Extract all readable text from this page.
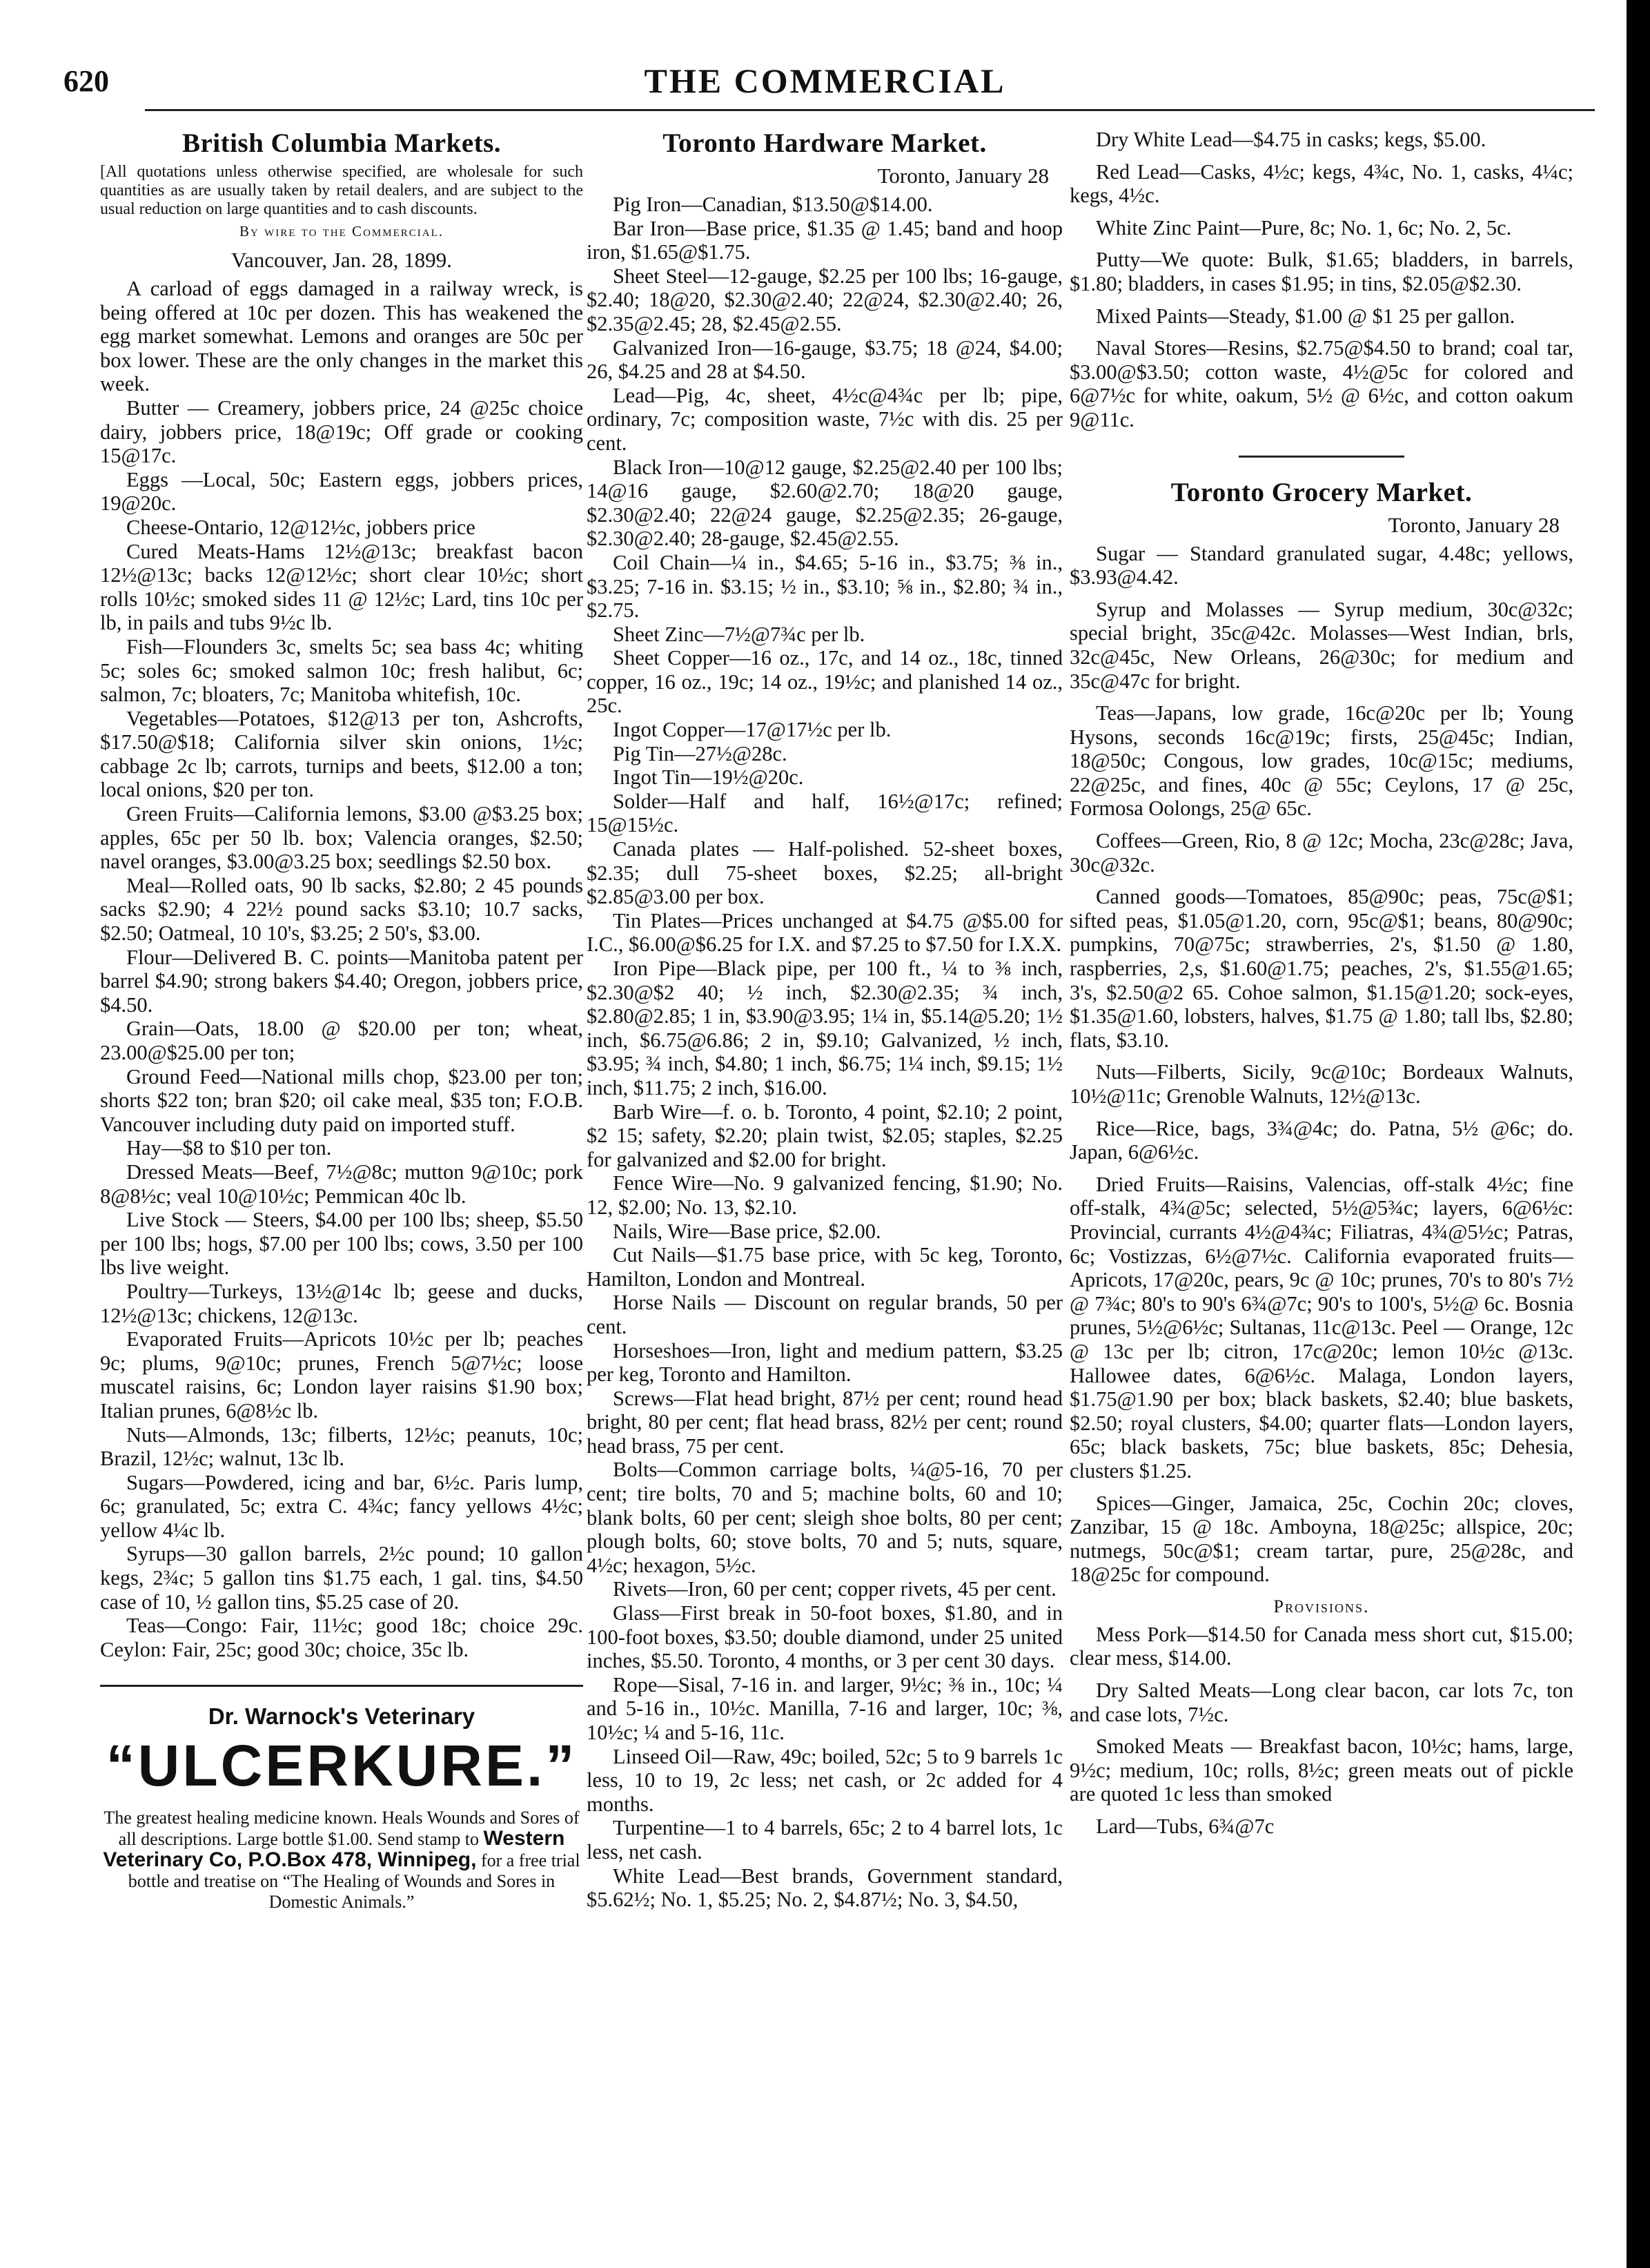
620	THE COMMERCIAL
British Columbia Markets.

[All quotations unless otherwise specified, are wholesale for such quantities as are usually taken by retail dealers, and are subject to the usual reduction on large quantities and to cash discounts.

By wire to the Commercial.

Vancouver, Jan. 28, 1899.

A carload of eggs damaged in a railway wreck, is being offered at 10c per dozen. This has weakened the egg market somewhat. Lemons and oranges are 50c per box lower. These are the only changes in the market this week.

Butter — Creamery, jobbers price, 24 @25c choice dairy, jobbers price, 18@19c; Off grade or cooking 15@17c.

Eggs —Local, 50c; Eastern eggs, jobbers prices, 19@20c.

Cheese-Ontario, 12@12½c, jobbers price

Cured Meats-Hams 12½@13c; breakfast bacon 12½@13c; backs 12@12½c; short clear 10½c; short rolls 10½c; smoked sides 11 @ 12½c; Lard, tins 10c per lb, in pails and tubs 9½c lb.

Fish—Flounders 3c, smelts 5c; sea bass 4c; whiting 5c; soles 6c; smoked salmon 10c; fresh halibut, 6c; salmon, 7c; bloaters, 7c; Manitoba whitefish, 10c.

Vegetables—Potatoes, $12@13 per ton, Ashcrofts, $17.50@$18; California silver skin onions, 1½c; cabbage 2c lb; carrots, turnips and beets, $12.00 a ton; local onions, $20 per ton.

Green Fruits—California lemons, $3.00 @$3.25 box; apples, 65c per 50 lb. box; Valencia oranges, $2.50; navel oranges, $3.00@3.25 box; seedlings $2.50 box.

Meal—Rolled oats, 90 lb sacks, $2.80; 2 45 pounds sacks $2.90; 4 22½ pound sacks $3.10; 10.7 sacks, $2.50; Oatmeal, 10 10's, $3.25; 2 50's, $3.00.

Flour—Delivered B. C. points—Manitoba patent per barrel $4.90; strong bakers $4.40; Oregon, jobbers price, $4.50.

Grain—Oats, 18.00 @ $20.00 per ton; wheat, 23.00@$25.00 per ton;

Ground Feed—National mills chop, $23.00 per ton; shorts $22 ton; bran $20; oil cake meal, $35 ton; F.O.B. Vancouver including duty paid on imported stuff.

Hay—$8 to $10 per ton.

Dressed Meats—Beef, 7½@8c; mutton 9@10c; pork 8@8½c; veal 10@10½c; Pemmican 40c lb.

Live Stock — Steers, $4.00 per 100 lbs; sheep, $5.50 per 100 lbs; hogs, $7.00 per 100 lbs; cows, 3.50 per 100 lbs live weight.

Poultry—Turkeys, 13½@14c lb; geese and ducks, 12½@13c; chickens, 12@13c.

Evaporated Fruits—Apricots 10½c per lb; peaches 9c; plums, 9@10c; prunes, French 5@7½c; loose muscatel raisins, 6c; London layer raisins $1.90 box; Italian prunes, 6@8½c lb.

Nuts—Almonds, 13c; filberts, 12½c; peanuts, 10c; Brazil, 12½c; walnut, 13c lb.

Sugars—Powdered, icing and bar, 6½c. Paris lump, 6c; granulated, 5c; extra C. 4¾c; fancy yellows 4½c; yellow 4¼c lb.

Syrups—30 gallon barrels, 2½c pound; 10 gallon kegs, 2¾c; 5 gallon tins $1.75 each, 1 gal. tins, $4.50 case of 10, ½ gallon tins, $5.25 case of 20.

Teas—Congo: Fair, 11½c; good 18c; choice 29c. Ceylon: Fair, 25c; good 30c; choice, 35c lb.

Dr. Warnock's Veterinary

“ULCERKURE.”

The greatest healing medicine known. Heals Wounds and Sores of all descriptions. Large bottle $1.00. Send stamp to Western Veterinary Co, P.O.Box 478, Winnipeg, for a free trial bottle and treatise on “The Healing of Wounds and Sores in Domestic Animals.”

Toronto Hardware Market.

Toronto, January 28

Pig Iron—Canadian, $13.50@$14.00.

Bar Iron—Base price, $1.35 @ 1.45; band and hoop iron, $1.65@$1.75.

Sheet Steel—12-gauge, $2.25 per 100 lbs; 16-gauge, $2.40; 18@20, $2.30@2.40; 22@24, $2.30@2.40; 26, $2.35@2.45; 28, $2.45@2.55.

Galvanized Iron—16-gauge, $3.75; 18 @24, $4.00; 26, $4.25 and 28 at $4.50.

Lead—Pig, 4c, sheet, 4½c@4¾c per lb; pipe, ordinary, 7c; composition waste, 7½c with dis. 25 per cent.

Black Iron—10@12 gauge, $2.25@2.40 per 100 lbs; 14@16 gauge, $2.60@2.70; 18@20 gauge, $2.30@2.40; 22@24 gauge, $2.25@2.35; 26-gauge, $2.30@2.40; 28-gauge, $2.45@2.55.

Coil Chain—¼ in., $4.65; 5-16 in., $3.75; ⅜ in., $3.25; 7-16 in. $3.15; ½ in., $3.10; ⅝ in., $2.80; ¾ in., $2.75.

Sheet Zinc—7½@7¾c per lb.

Sheet Copper—16 oz., 17c, and 14 oz., 18c, tinned copper, 16 oz., 19c; 14 oz., 19½c; and planished 14 oz., 25c.

Ingot Copper—17@17½c per lb.

Pig Tin—27½@28c.

Ingot Tin—19½@20c.

Solder—Half and half, 16½@17c; refined; 15@15½c.

Canada plates — Half-polished. 52-sheet boxes, $2.35; dull 75-sheet boxes, $2.25; all-bright $2.85@3.00 per box.

Tin Plates—Prices unchanged at $4.75 @$5.00 for I.C., $6.00@$6.25 for I.X. and $7.25 to $7.50 for I.X.X.

Iron Pipe—Black pipe, per 100 ft., ¼ to ⅜ inch, $2.30@$2 40; ½ inch, $2.30@2.35; ¾ inch, $2.80@2.85; 1 in, $3.90@3.95; 1¼ in, $5.14@5.20; 1½ inch, $6.75@6.86; 2 in, $9.10; Galvanized, ½ inch, $3.95; ¾ inch, $4.80; 1 inch, $6.75; 1¼ inch, $9.15; 1½ inch, $11.75; 2 inch, $16.00.

Barb Wire—f. o. b. Toronto, 4 point, $2.10; 2 point, $2 15; safety, $2.20; plain twist, $2.05; staples, $2.25 for galvanized and $2.00 for bright.

Fence Wire—No. 9 galvanized fencing, $1.90; No. 12, $2.00; No. 13, $2.10.

Nails, Wire—Base price, $2.00.

Cut Nails—$1.75 base price, with 5c keg, Toronto, Hamilton, London and Montreal.

Horse Nails — Discount on regular brands, 50 per cent.

Horseshoes—Iron, light and medium pattern, $3.25 per keg, Toronto and Hamilton.

Screws—Flat head bright, 87½ per cent; round head bright, 80 per cent; flat head brass, 82½ per cent; round head brass, 75 per cent.

Bolts—Common carriage bolts, ¼@5-16, 70 per cent; tire bolts, 70 and 5; machine bolts, 60 and 10; blank bolts, 60 per cent; sleigh shoe bolts, 80 per cent; plough bolts, 60; stove bolts, 70 and 5; nuts, square, 4½c; hexagon, 5½c.

Rivets—Iron, 60 per cent; copper rivets, 45 per cent.

Glass—First break in 50-foot boxes, $1.80, and in 100-foot boxes, $3.50; double diamond, under 25 united inches, $5.50. Toronto, 4 months, or 3 per cent 30 days.

Rope—Sisal, 7-16 in. and larger, 9½c; ⅜ in., 10c; ¼ and 5-16 in., 10½c. Manilla, 7-16 and larger, 10c; ⅜, 10½c; ¼ and 5-16, 11c.

Linseed Oil—Raw, 49c; boiled, 52c; 5 to 9 barrels 1c less, 10 to 19, 2c less; net cash, or 2c added for 4 months.

Turpentine—1 to 4 barrels, 65c; 2 to 4 barrel lots, 1c less, net cash.

White Lead—Best brands, Government standard, $5.62½; No. 1, $5.25; No. 2, $4.87½; No. 3, $4.50,

Dry White Lead—$4.75 in casks; kegs, $5.00.

Red Lead—Casks, 4½c; kegs, 4¾c, No. 1, casks, 4¼c; kegs, 4½c.

White Zinc Paint—Pure, 8c; No. 1, 6c; No. 2, 5c.

Putty—We quote: Bulk, $1.65; bladders, in barrels, $1.80; bladders, in cases $1.95; in tins, $2.05@$2.30.

Mixed Paints—Steady, $1.00 @ $1 25 per gallon.

Naval Stores—Resins, $2.75@$4.50 to brand; coal tar, $3.00@$3.50; cotton waste, 4½@5c for colored and 6@7½c for white, oakum, 5½ @ 6½c, and cotton oakum 9@11c.

Toronto Grocery Market.

Toronto, January 28

Sugar — Standard granulated sugar, 4.48c; yellows, $3.93@4.42.

Syrup and Molasses — Syrup medium, 30c@32c; special bright, 35c@42c. Molasses—West Indian, brls, 32c@45c, New Orleans, 26@30c; for medium and 35c@47c for bright.

Teas—Japans, low grade, 16c@20c per lb; Young Hysons, seconds 16c@19c; firsts, 25@45c; Indian, 18@50c; Congous, low grades, 10c@15c; mediums, 22@25c, and fines, 40c @ 55c; Ceylons, 17 @ 25c, Formosa Oolongs, 25@ 65c.

Coffees—Green, Rio, 8 @ 12c; Mocha, 23c@28c; Java, 30c@32c.

Canned goods—Tomatoes, 85@90c; peas, 75c@$1; sifted peas, $1.05@1.20, corn, 95c@$1; beans, 80@90c; pumpkins, 70@75c; strawberries, 2's, $1.50 @ 1.80, raspberries, 2,s, $1.60@1.75; peaches, 2's, $1.55@1.65; 3's, $2.50@2 65. Cohoe salmon, $1.15@1.20; sock-eyes, $1.35@1.60, lobsters, halves, $1.75 @ 1.80; tall lbs, $2.80; flats, $3.10.

Nuts—Filberts, Sicily, 9c@10c; Bordeaux Walnuts, 10½@11c; Grenoble Walnuts, 12½@13c.

Rice—Rice, bags, 3¾@4c; do. Patna, 5½ @6c; do. Japan, 6@6½c.

Dried Fruits—Raisins, Valencias, off-stalk 4½c; fine off-stalk, 4¾@5c; selected, 5½@5¾c; layers, 6@6½c: Provincial, currants 4½@4¾c; Filiatras, 4¾@5½c; Patras, 6c; Vostizzas, 6½@7½c. California evaporated fruits—Apricots, 17@20c, pears, 9c @ 10c; prunes, 70's to 80's 7½ @ 7¾c; 80's to 90's 6¾@7c; 90's to 100's, 5½@ 6c. Bosnia prunes, 5½@6½c; Sultanas, 11c@13c. Peel — Orange, 12c @ 13c per lb; citron, 17c@20c; lemon 10½c @13c. Hallowee dates, 6@6½c. Malaga, London layers, $1.75@1.90 per box; black baskets, $2.40; blue baskets, $2.50; royal clusters, $4.00; quarter flats—London layers, 65c; black baskets, 75c; blue baskets, 85c; Dehesia, clusters $1.25.

Spices—Ginger, Jamaica, 25c, Cochin 20c; cloves, Zanzibar, 15 @ 18c. Amboyna, 18@25c; allspice, 20c; nutmegs, 50c@$1; cream tartar, pure, 25@28c, and 18@25c for compound.

Provisions.

Mess Pork—$14.50 for Canada mess short cut, $15.00; clear mess, $14.00.

Dry Salted Meats—Long clear bacon, car lots 7c, ton and case lots, 7½c.

Smoked Meats — Breakfast bacon, 10½c; hams, large, 9½c; medium, 10c; rolls, 8½c; green meats out of pickle are quoted 1c less than smoked

Lard—Tubs, 6¾@7c
